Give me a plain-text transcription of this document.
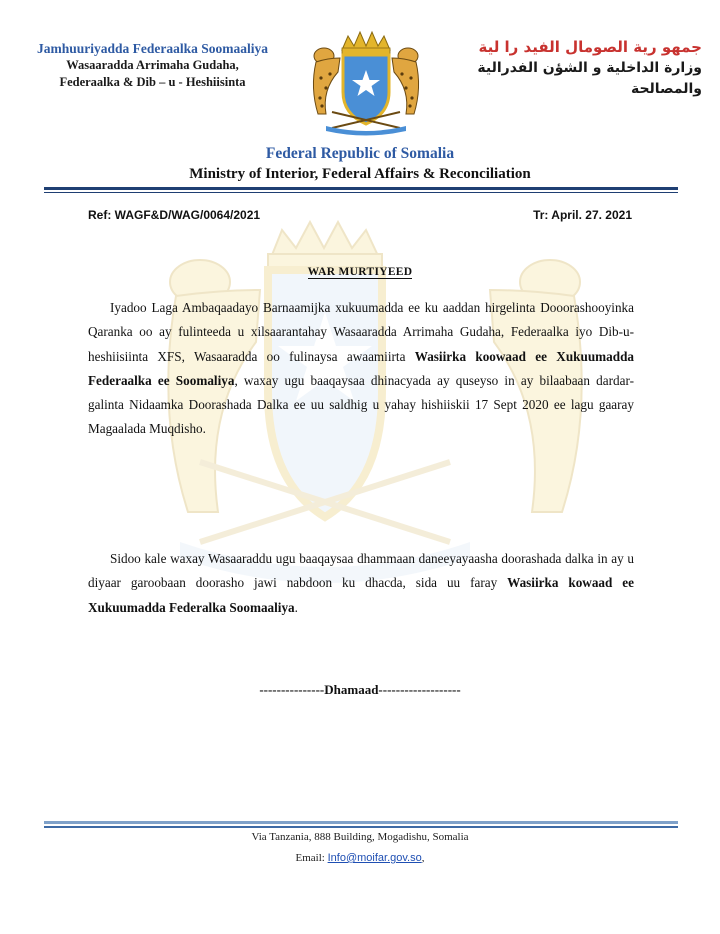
Jamhuuriyadda Federaalka Soomaaliya
Wasaaradda Arrimaha Gudaha,
Federaalka & Dib – u - Heshiisinta
جمهو رية الصومال الفيد را لية
وزارة الداخلية و الشؤن الفدرالية
والمصالحة
Federal Republic of Somalia
Ministry of Interior, Federal Affairs & Reconciliation
Ref: WAGF&D/WAG/0064/2021	Tr: April. 27. 2021
WAR MURTIYEED
Iyadoo Laga Ambaqaadayo Barnaamijka xukuumadda ee ku aaddan hirgelinta Dooorashooyinka Qaranka oo ay fulinteeda u xilsaarantahay Wasaaradda Arrimaha Gudaha, Federaalka iyo Dib-u-heshiisiinta XFS, Wasaaradda oo fulinaysa awaamiirta Wasiirka koowaad ee Xukuumadda Federaalka ee Soomaliya, waxay ugu baaqaysaa dhinacyada ay quseyso in ay bilaabaan dardar-galinta Nidaamka Doorashada Dalka ee uu saldhig u yahay hishiiskii 17 Sept 2020 ee lagu gaaray Magaalada Muqdisho.
Sidoo kale waxay Wasaaraddu ugu baaqaysaa dhammaan daneeyayaasha doorashada dalka in ay u diyaar garoobaan doorasho jawi nabdoon ku dhacda, sida uu faray Wasiirka kowaad ee Xukuumadda Federalka Soomaaliya.
---------------Dhamaad-------------------
Via Tanzania, 888 Building, Mogadishu, Somalia
Email: Info@moifar.gov.so,
